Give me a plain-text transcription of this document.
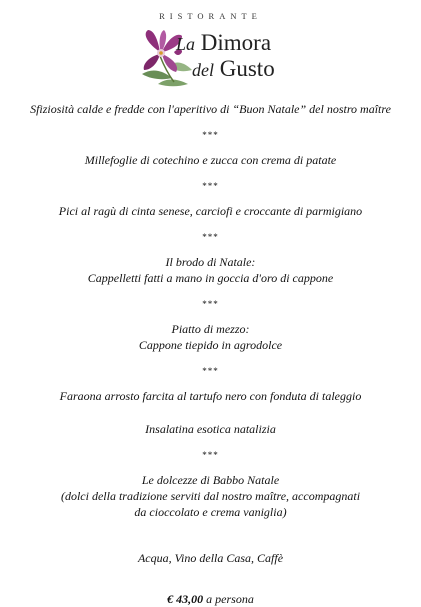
RISTORANTE
La Dimora
del Gusto

Sfiziosità calde e fredde con l'aperitivo di “Buon Natale” del nostro maître

***

Millefoglie di cotechino e zucca con crema di patate

***

Pici al ragù di cinta senese, carciofi e croccante di parmigiano

***

Il brodo di Natale:

Cappelletti fatti a mano in goccia d'oro di cappone

***

Piatto di mezzo:

Cappone tiepido in agrodolce

***

Faraona arrosto farcita al tartufo nero con fonduta di taleggio

Insalatina esotica natalizia

***

Le dolcezze di Babbo Natale

(dolci della tradizione serviti dal nostro maître, accompagnati

da cioccolato e crema vaniglia)

Acqua, Vino della Casa, Caffè

€ 43,00 a persona
